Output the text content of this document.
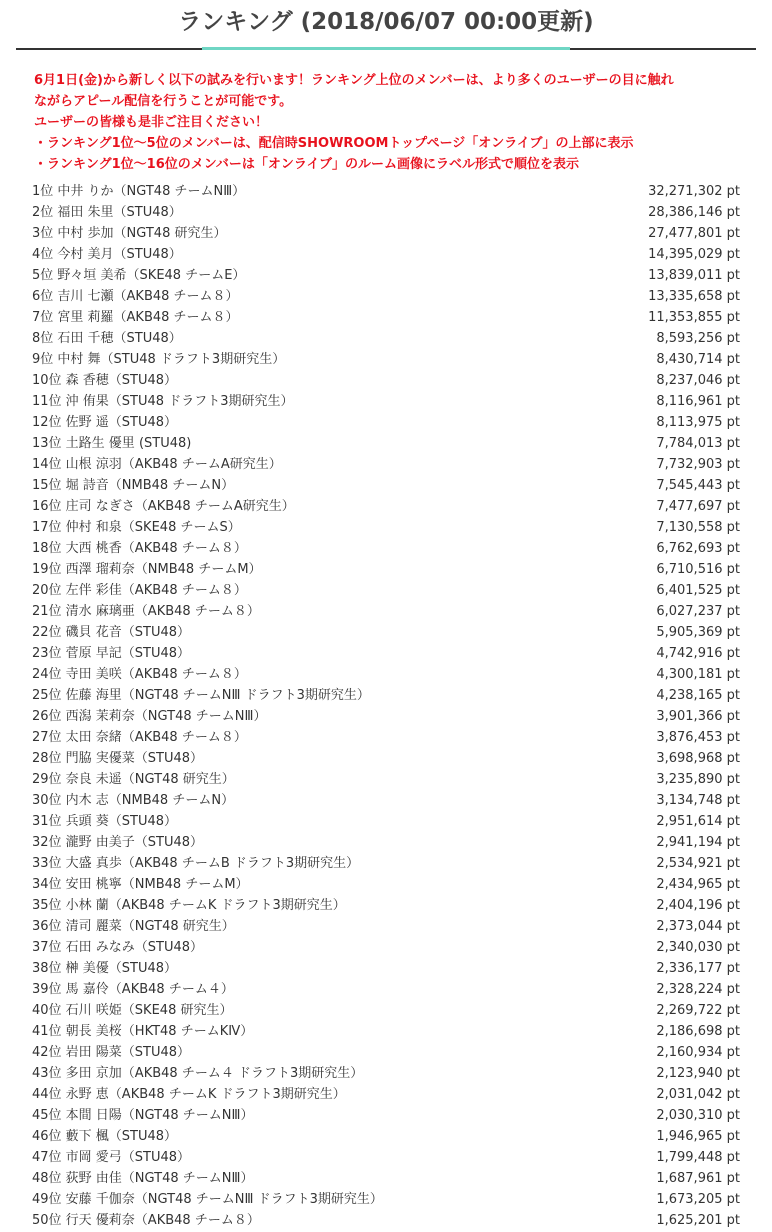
ランキング (2018/06/07 00:00更新)
6月1日(金)から新しく以下の試みを行います！ランキング上位のメンバーは、より多くのユーザーの目に触れ
ながらアピール配信を行うことが可能です。
ユーザーの皆様も是非ご注目ください！
・ランキング1位〜5位のメンバーは、配信時SHOWROOMトップページ「オンライブ」の上部に表示
・ランキング1位〜16位のメンバーは「オンライブ」のルーム画像にラベル形式で順位を表示
1位 中井 りか（NGT48 チームNⅢ）	32,271,302 pt
2位 福田 朱里（STU48）	28,386,146 pt
3位 中村 歩加（NGT48 研究生）	27,477,801 pt
4位 今村 美月（STU48）	14,395,029 pt
5位 野々垣 美希（SKE48 チームE）	13,839,011 pt
6位 吉川 七瀬（AKB48 チーム８）	13,335,658 pt
7位 宮里 莉羅（AKB48 チーム８）	11,353,855 pt
8位 石田 千穂（STU48）	8,593,256 pt
9位 中村 舞（STU48 ドラフト3期研究生）	8,430,714 pt
10位 森 香穂（STU48）	8,237,046 pt
11位 沖 侑果（STU48 ドラフト3期研究生）	8,116,961 pt
12位 佐野 遥（STU48）	8,113,975 pt
13位 土路生 優里 (STU48)	7,784,013 pt
14位 山根 涼羽（AKB48 チームA研究生）	7,732,903 pt
15位 堀 詩音（NMB48 チームN）	7,545,443 pt
16位 庄司 なぎさ（AKB48 チームA研究生）	7,477,697 pt
17位 仲村 和泉（SKE48 チームS）	7,130,558 pt
18位 大西 桃香（AKB48 チーム８）	6,762,693 pt
19位 西澤 瑠莉奈（NMB48 チームM）	6,710,516 pt
20位 左伴 彩佳（AKB48 チーム８）	6,401,525 pt
21位 清水 麻璃亜（AKB48 チーム８）	6,027,237 pt
22位 磯貝 花音（STU48）	5,905,369 pt
23位 菅原 早記（STU48）	4,742,916 pt
24位 寺田 美咲（AKB48 チーム８）	4,300,181 pt
25位 佐藤 海里（NGT48 チームNⅢ ドラフト3期研究生）	4,238,165 pt
26位 西潟 茉莉奈（NGT48 チームNⅢ）	3,901,366 pt
27位 太田 奈緒（AKB48 チーム８）	3,876,453 pt
28位 門脇 実優菜（STU48）	3,698,968 pt
29位 奈良 未遥（NGT48 研究生）	3,235,890 pt
30位 内木 志（NMB48 チームN）	3,134,748 pt
31位 兵頭 葵（STU48）	2,951,614 pt
32位 瀧野 由美子（STU48）	2,941,194 pt
33位 大盛 真歩（AKB48 チームB ドラフト3期研究生）	2,534,921 pt
34位 安田 桃寧（NMB48 チームM）	2,434,965 pt
35位 小林 蘭（AKB48 チームK ドラフト3期研究生）	2,404,196 pt
36位 清司 麗菜（NGT48 研究生）	2,373,044 pt
37位 石田 みなみ（STU48）	2,340,030 pt
38位 榊 美優（STU48）	2,336,177 pt
39位 馬 嘉伶（AKB48 チーム４）	2,328,224 pt
40位 石川 咲姫（SKE48 研究生）	2,269,722 pt
41位 朝長 美桜（HKT48 チームKⅣ）	2,186,698 pt
42位 岩田 陽菜（STU48）	2,160,934 pt
43位 多田 京加（AKB48 チーム４ ドラフト3期研究生）	2,123,940 pt
44位 永野 恵（AKB48 チームK ドラフト3期研究生）	2,031,042 pt
45位 本間 日陽（NGT48 チームNⅢ）	2,030,310 pt
46位 藪下 楓（STU48）	1,946,965 pt
47位 市岡 愛弓（STU48）	1,799,448 pt
48位 荻野 由佳（NGT48 チームNⅢ）	1,687,961 pt
49位 安藤 千伽奈（NGT48 チームNⅢ ドラフト3期研究生）	1,673,205 pt
50位 行天 優莉奈（AKB48 チーム８）	1,625,201 pt
